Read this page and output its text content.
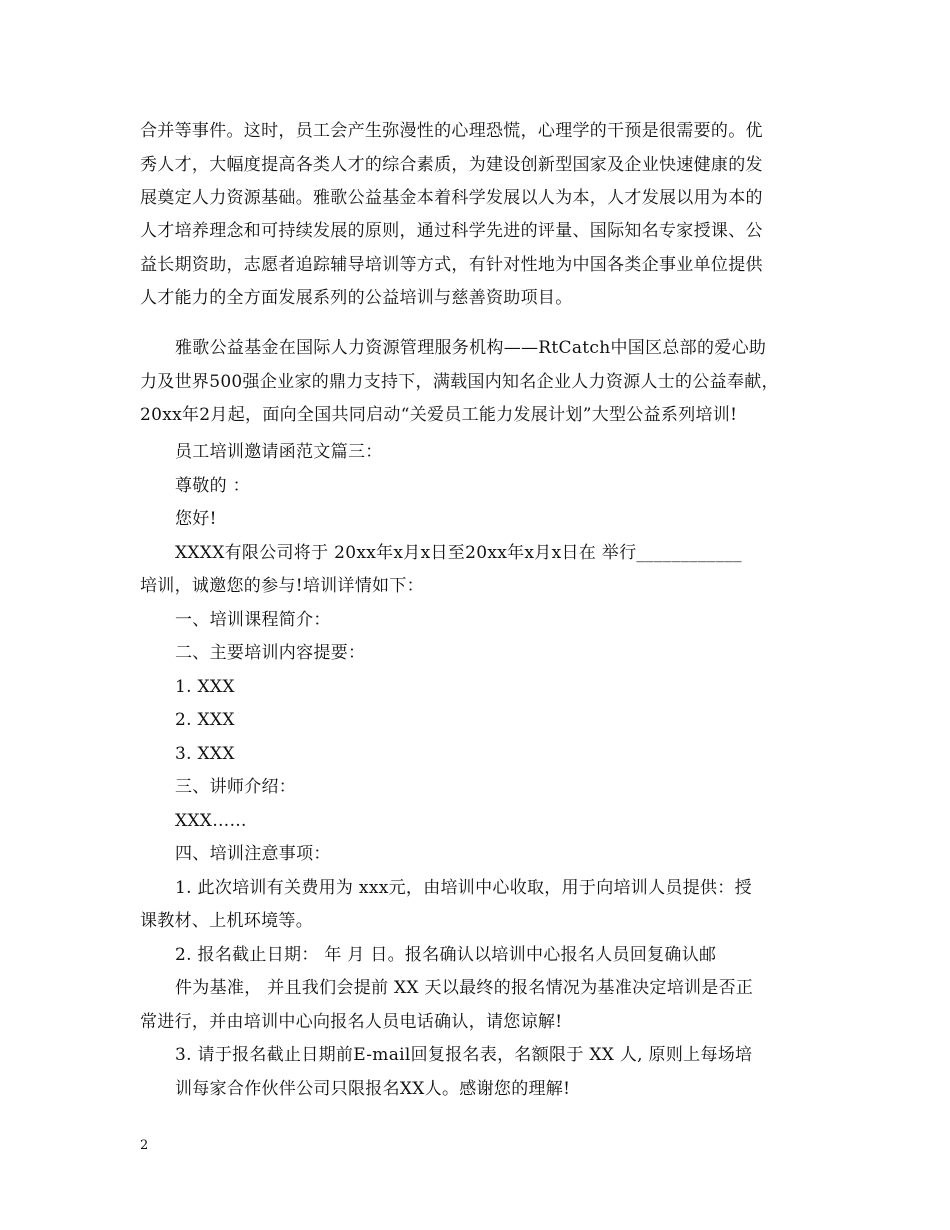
合并等事件。这时，员工会产生弥漫性的心理恐慌，心理学的干预是很需要的。优
秀人才，大幅度提高各类人才的综合素质，为建设创新型国家及企业快速健康的发
展奠定人力资源基础。雅歌公益基金本着科学发展以人为本，人才发展以用为本的
人才培养理念和可持续发展的原则，通过科学先进的评量、国际知名专家授课、公
益长期资助，志愿者追踪辅导培训等方式，有针对性地为中国各类企事业单位提供
人才能力的全方面发展系列的公益培训与慈善资助项目。
雅歌公益基金在国际人力资源管理服务机构——RtCatch中国区总部的爱心助
力及世界500强企业家的鼎力支持下，满载国内知名企业人力资源人士的公益奉献，
20xx年2月起，面向全国共同启动“关爱员工能力发展计划”大型公益系列培训!
员工培训邀请函范文篇三：
尊敬的 ：
您好!
XXXX有限公司将于 20xx年x月x日至20xx年x月x日在 举行____________
培训，诚邀您的参与!培训详情如下：
一、培训课程简介：
二、主要培训内容提要：
1. XXX
2. XXX
3. XXX
三、讲师介绍：
XXX……
四、培训注意事项：
1. 此次培训有关费用为 xxx元，由培训中心收取，用于向培训人员提供：授
课教材、上机环境等。
2. 报名截止日期： 年 月 日。报名确认以培训中心报名人员回复确认邮
件为基准， 并且我们会提前 XX 天以最终的报名情况为基准决定培训是否正
常进行，并由培训中心向报名人员电话确认，请您谅解!
3. 请于报名截止日期前E-mail回复报名表，名额限于 XX 人, 原则上每场培
训每家合作伙伴公司只限报名XX人。感谢您的理解!
2
